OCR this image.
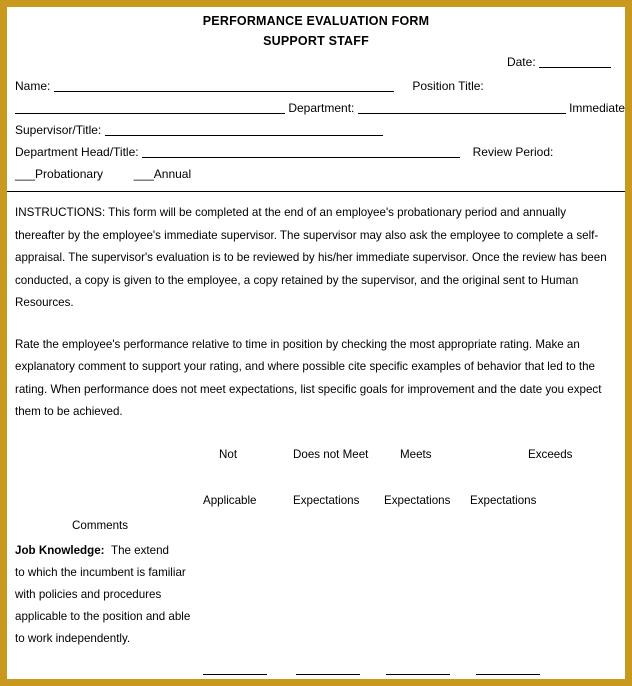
PERFORMANCE EVALUATION FORM
SUPPORT STAFF
Date:
Name:	Position Title:
Department:	Immediate
Supervisor/Title:
Department Head/Title:	Review Period:
___Probationary	___Annual

INSTRUCTIONS: This form will be completed at the end of an employee's probationary period and annually thereafter by the employee's immediate supervisor. The supervisor may also ask the employee to complete a self-appraisal. The supervisor's evaluation is to be reviewed by his/her immediate supervisor. Once the review has been conducted, a copy is given to the employee, a copy retained by the supervisor, and the original sent to Human Resources.

Rate the employee's performance relative to time in position by checking the most appropriate rating. Make an explanatory comment to support your rating, and where possible cite specific examples of behavior that led to the rating. When performance does not meet expectations, list specific goals for improvement and the date you expect them to be achieved.

Not	Does not Meet	Meets	Exceeds
Applicable	Expectations Expectations Expectations
Comments

Job Knowledge: The extend

to which the incumbent is familiar

with policies and procedures

applicable to the position and able

to work independently.
